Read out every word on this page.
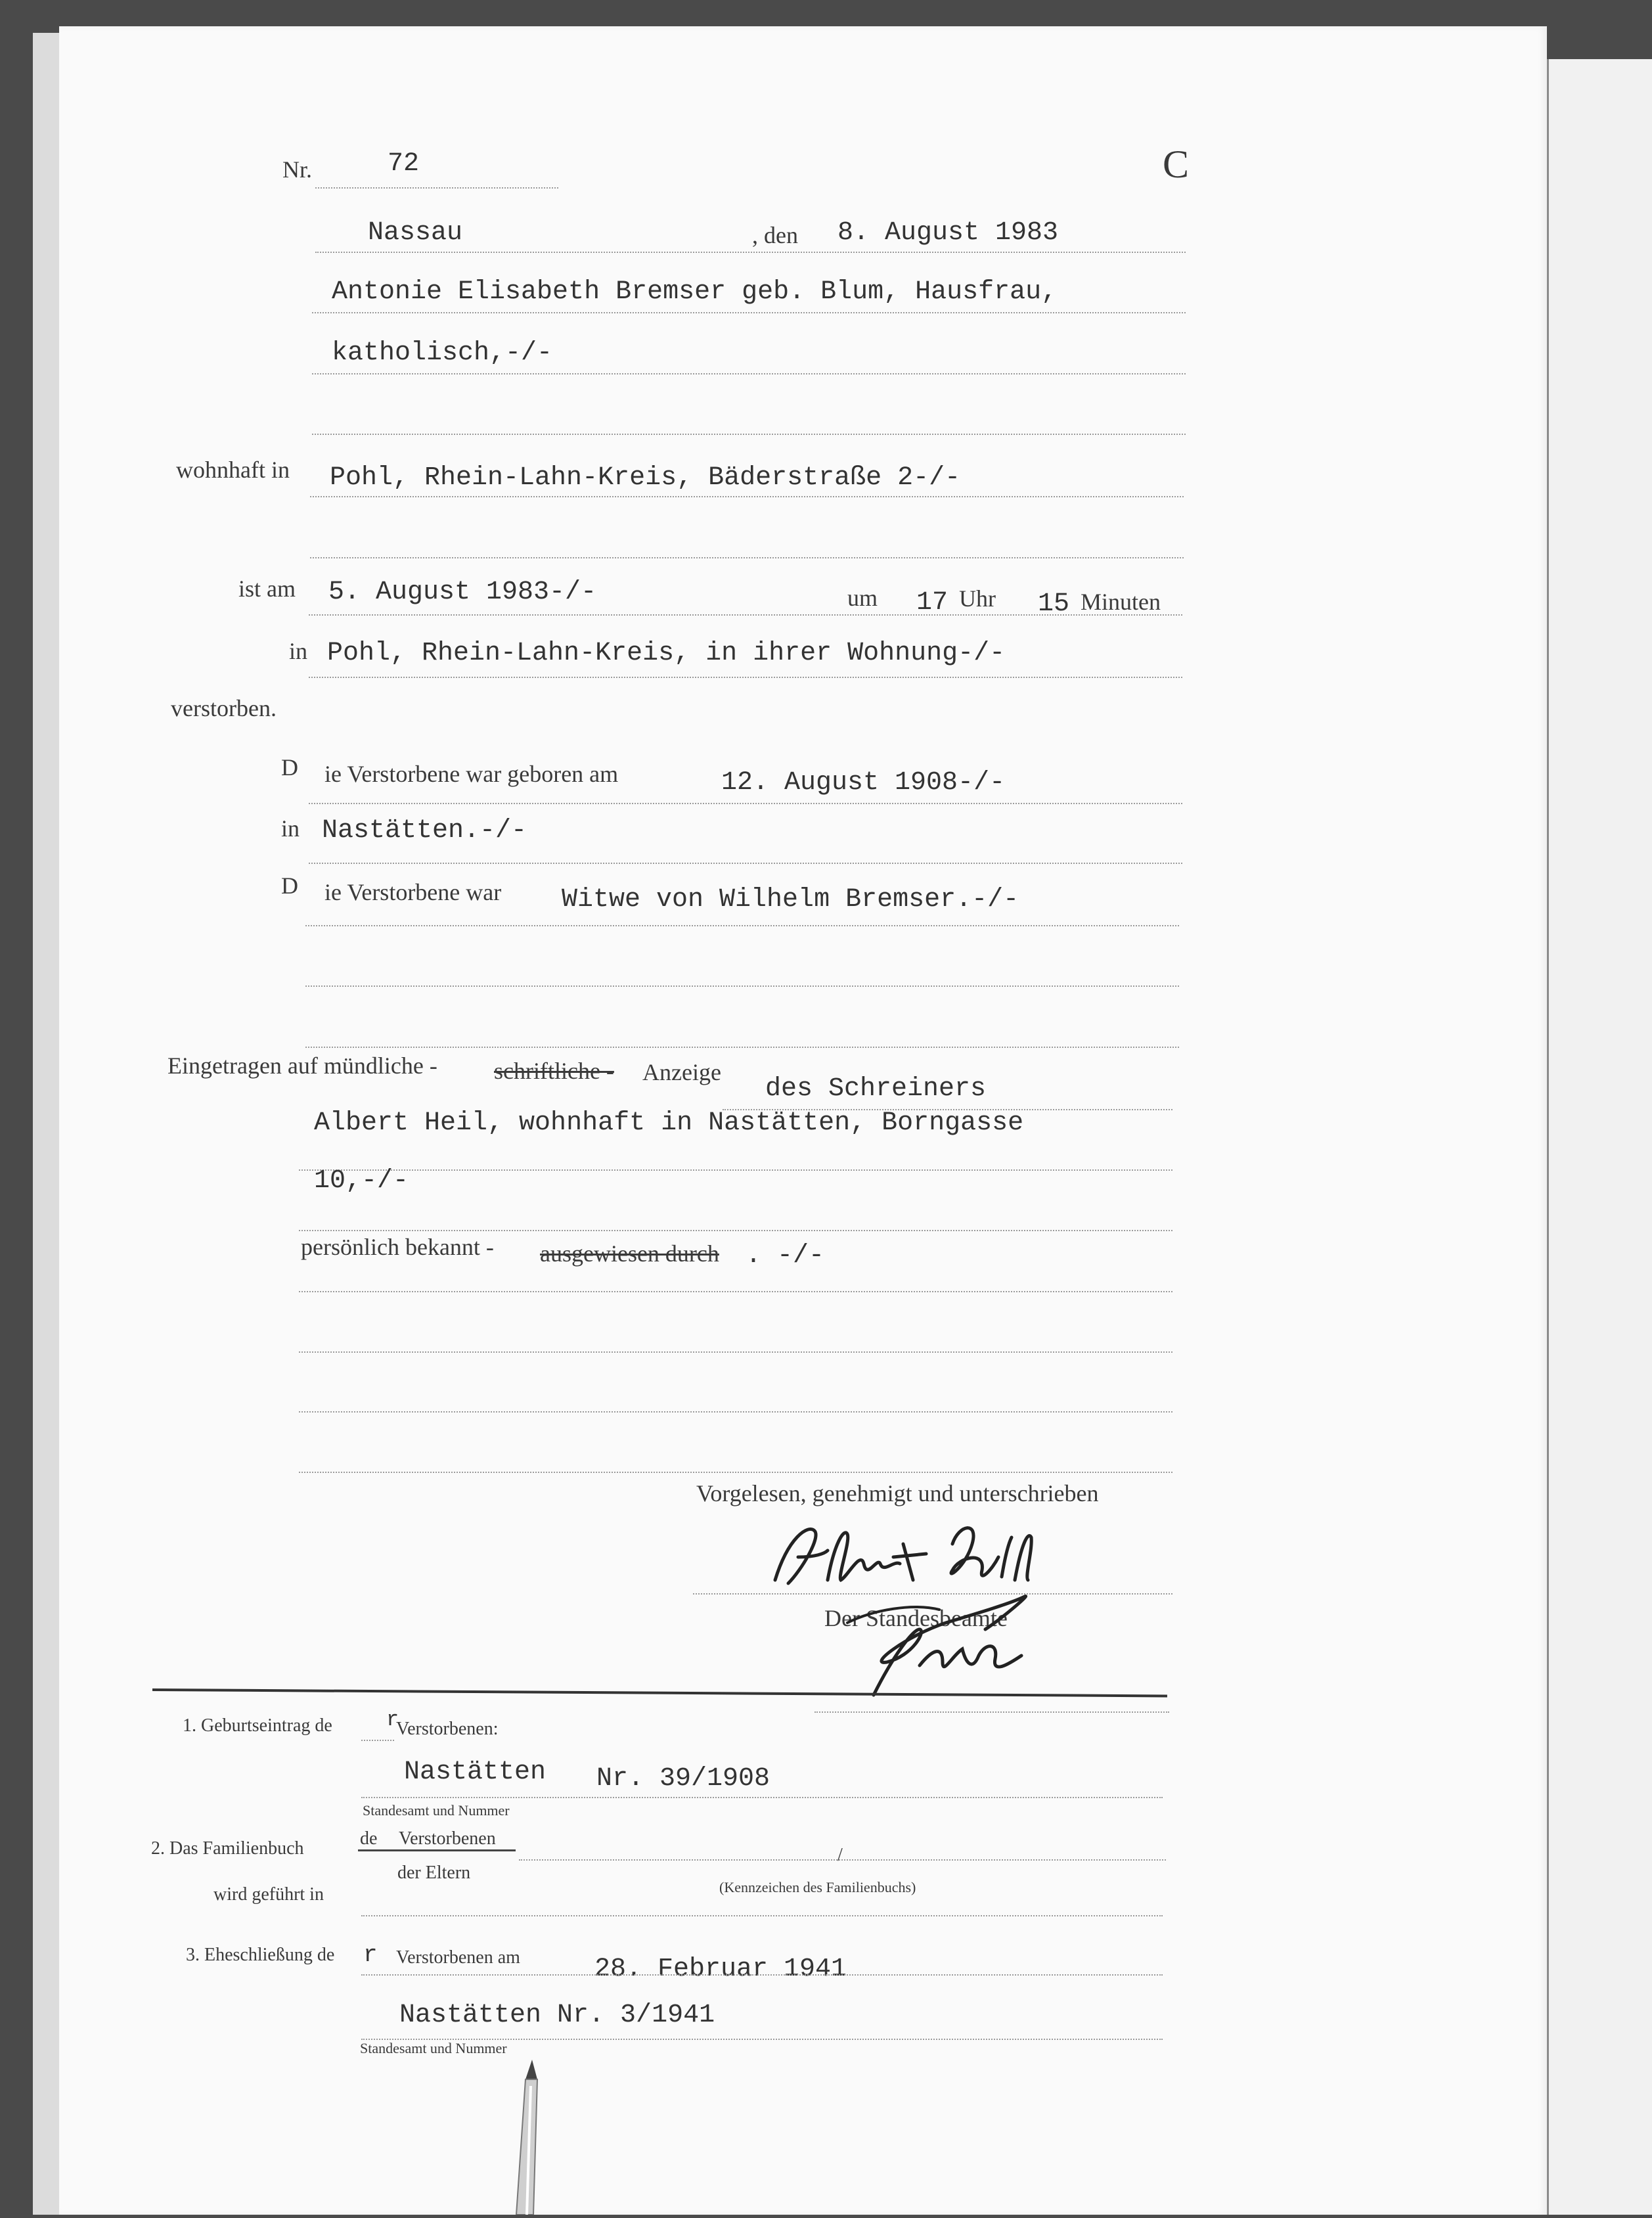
Nr.	72	C
Nassau	, den 8. August 1983
Antonie Elisabeth Bremser geb. Blum, Hausfrau,
katholisch,-/-
wohnhaft in Pohl, Rhein-Lahn-Kreis, Bäderstraße 2-/-
ist am 5. August 1983-/-	um 17 Uhr 15 Minuten
in Pohl, Rhein-Lahn-Kreis, in ihrer Wohnung-/-
verstorben.
D ie Verstorbene war geboren am	12. August 1908-/-
in Nastätten.-/-
D ie Verstorbene war Witwe von Wilhelm Bremser.-/-
Eingetragen auf mündliche - schriftliche - Anzeige
des Schreiners
Albert Heil, wohnhaft in Nastätten, Borngasse
10,-/-
persönlich bekannt - ausgewiesen durch . -/-
Vorgelesen, genehmigt und unterschrieben
Der Standesbeamte
1. Geburtseintrag de	r
Verstorbenen:
Nastätten Nr. 39/1908
Standesamt und Nummer
2. Das Familienbuch	de Verstorbenen
der Eltern
wird geführt in
/
(Kennzeichen des Familienbuchs)
3. Eheschließung de r Verstorbenen am	28. Februar 1941
Nastätten Nr. 3/1941
Standesamt und Nummer
